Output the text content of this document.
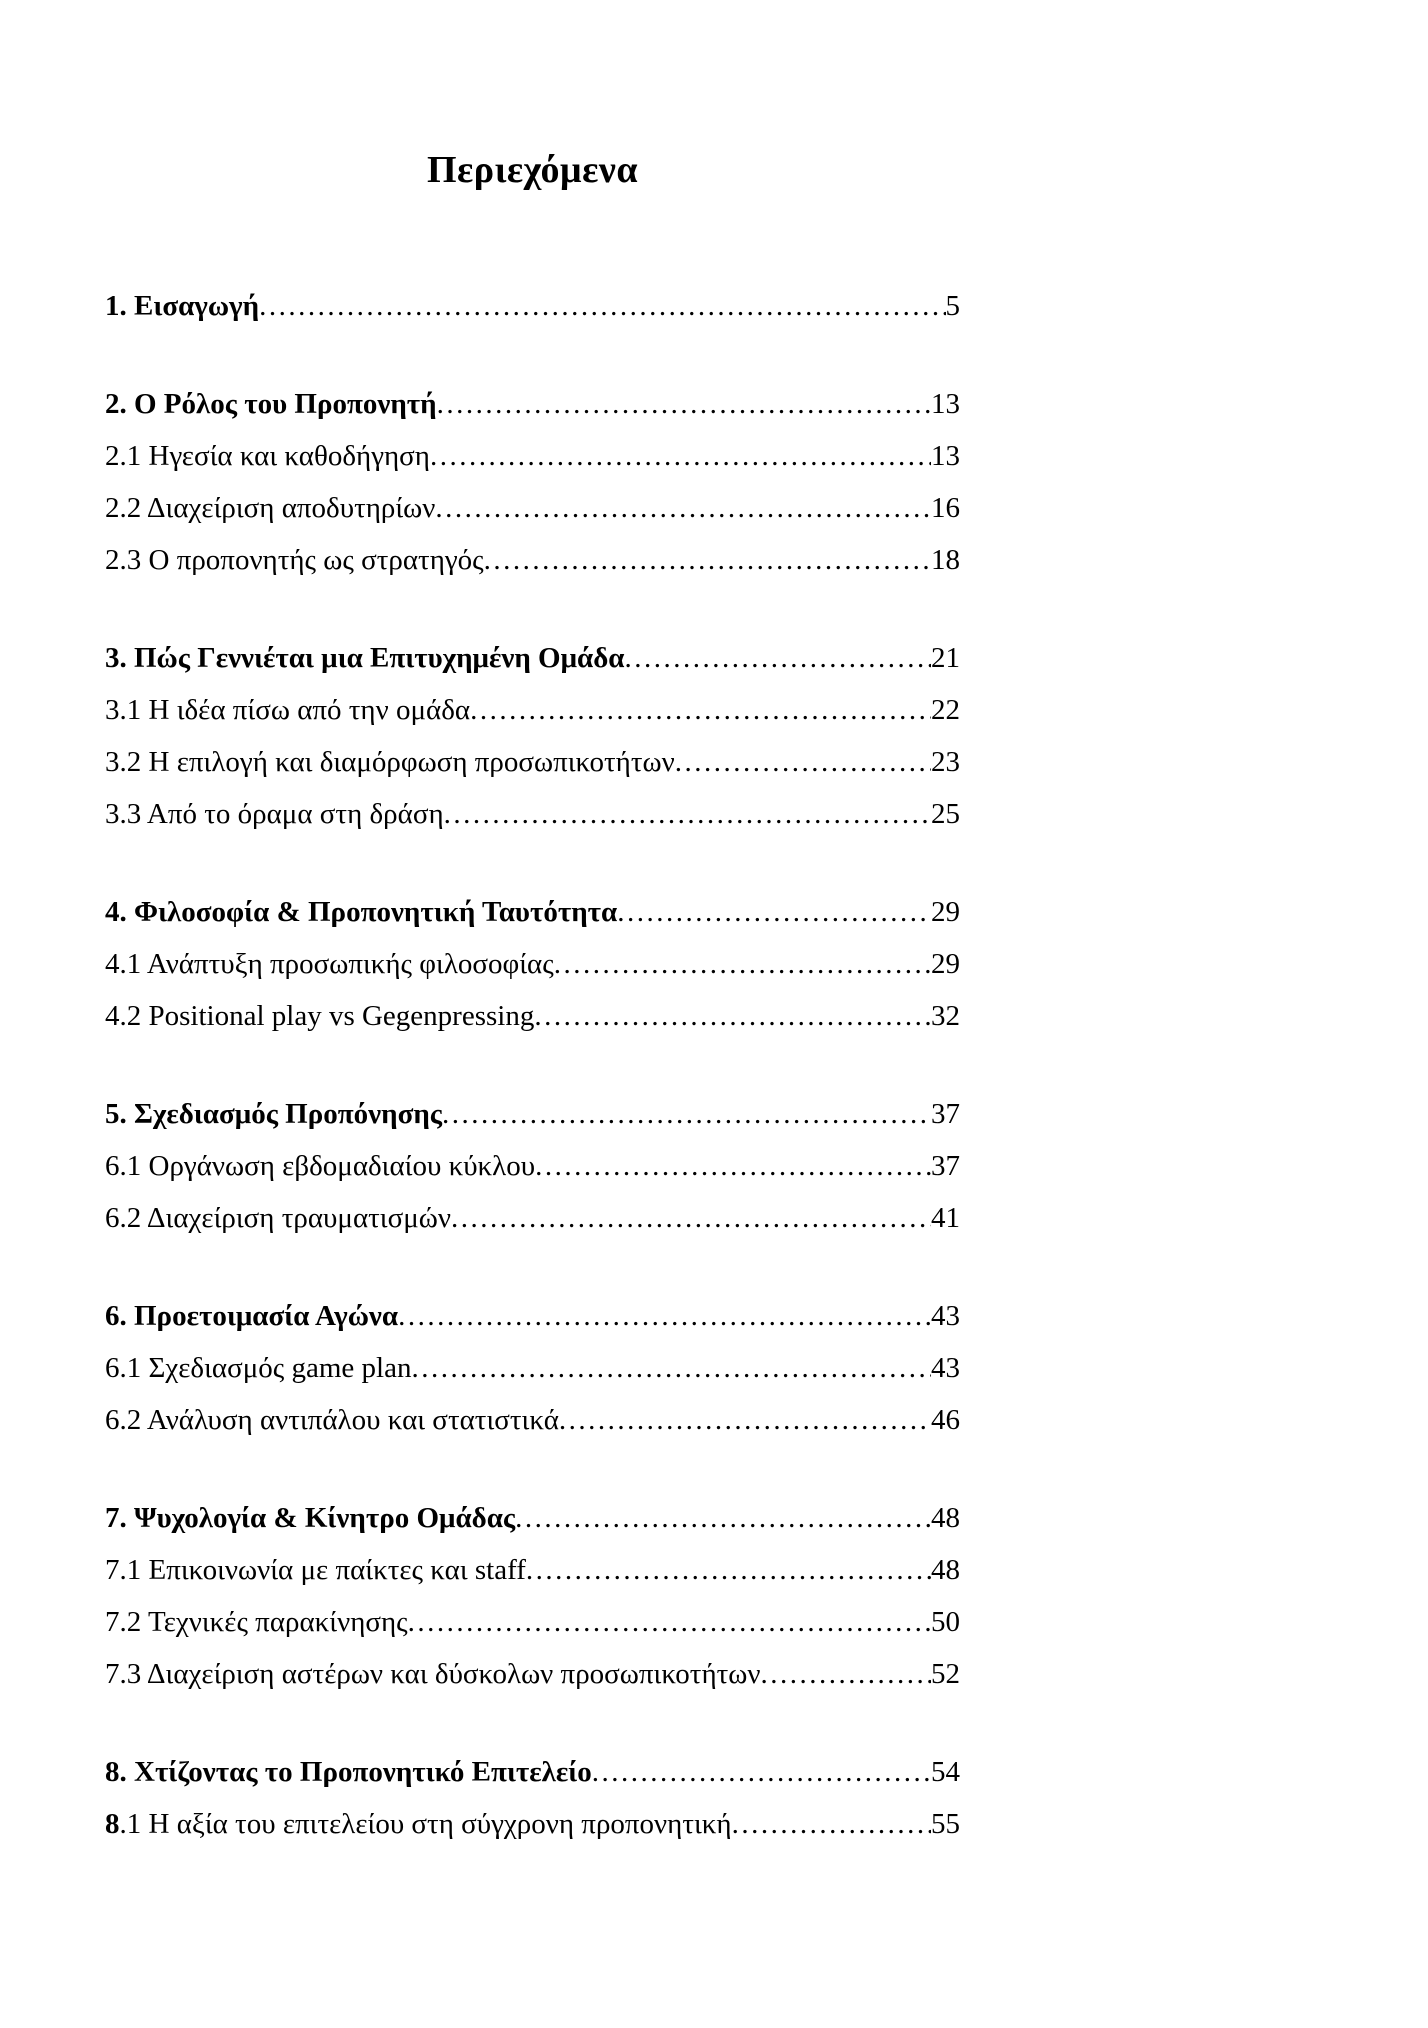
Περιεχόμενα
1. Εισαγωγή .....	5
2. Ο Ρόλος του Προπονητή .....	13
2.1 Ηγεσία και καθοδήγηση .....	13
2.2 Διαχείριση αποδυτηρίων .....	16
2.3 Ο προπονητής ως στρατηγός .....	18
3. Πώς Γεννιέται μια Επιτυχημένη Ομάδα .....	21
3.1 Η ιδέα πίσω από την ομάδα .....	22
3.2 Η επιλογή και διαμόρφωση προσωπικοτήτων .....	23
3.3 Από το όραμα στη δράση .....	25
4. Φιλοσοφία & Προπονητική Ταυτότητα .....	29
4.1 Ανάπτυξη προσωπικής φιλοσοφίας .....	29
4.2 Positional play vs Gegenpressing .....	32
5. Σχεδιασμός Προπόνησης .....	37
6.1 Οργάνωση εβδομαδιαίου κύκλου .....	37
6.2 Διαχείριση τραυματισμών .....	41
6. Προετοιμασία Αγώνα .....	43
6.1 Σχεδιασμός game plan .....	43
6.2 Ανάλυση αντιπάλου και στατιστικά .....	46
7. Ψυχολογία & Κίνητρο Ομάδας .....	48
7.1 Επικοινωνία με παίκτες και staff .....	48
7.2 Τεχνικές παρακίνησης .....	50
7.3 Διαχείριση αστέρων και δύσκολων προσωπικοτήτων .....	52
8. Χτίζοντας το Προπονητικό Επιτελείο .....	54
8.1 Η αξία του επιτελείου στη σύγχρονη προπονητική .....	55
